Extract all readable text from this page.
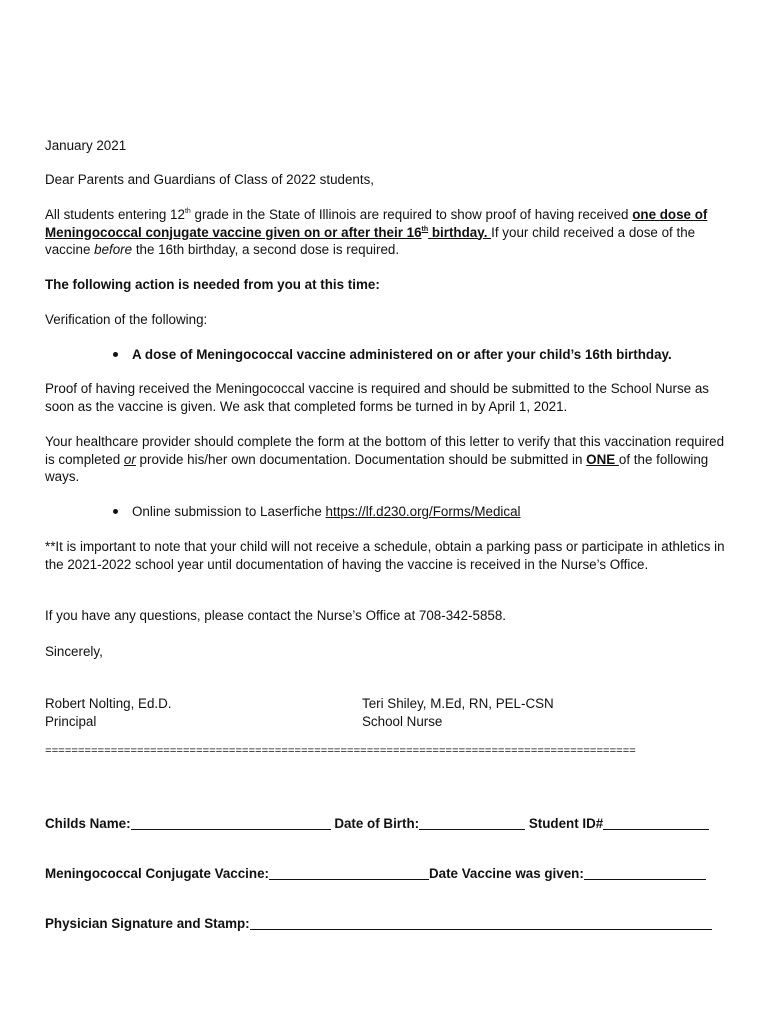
January 2021

Dear Parents and Guardians of Class of 2022 students,

All students entering 12th grade in the State of Illinois are required to show proof of having received one dose of Meningococcal conjugate vaccine given on or after their 16th birthday. If your child received a dose of the vaccine before the 16th birthday, a second dose is required.

The following action is needed from you at this time:

Verification of the following:

A dose of Meningococcal vaccine administered on or after your child’s 16th birthday.

Proof of having received the Meningococcal vaccine is required and should be submitted to the School Nurse as soon as the vaccine is given. We ask that completed forms be turned in by April 1, 2021.

Your healthcare provider should complete the form at the bottom of this letter to verify that this vaccination required is completed or provide his/her own documentation. Documentation should be submitted in ONE of the following ways.

Online submission to Laserfiche https://lf.d230.org/Forms/Medical

**It is important to note that your child will not receive a schedule, obtain a parking pass or participate in athletics in the 2021-2022 school year until documentation of having the vaccine is received in the Nurse’s Office.

If you have any questions, please contact the Nurse’s Office at 708-342-5858.

Sincerely,

Robert Nolting, Ed.D.
Principal
Teri Shiley, M.Ed, RN, PEL-CSN
School Nurse
==========================================================================================
Childs Name:	Date of Birth:	Student ID#
Meningococcal Conjugate Vaccine:	Date Vaccine was given:
Physician Signature and Stamp:
